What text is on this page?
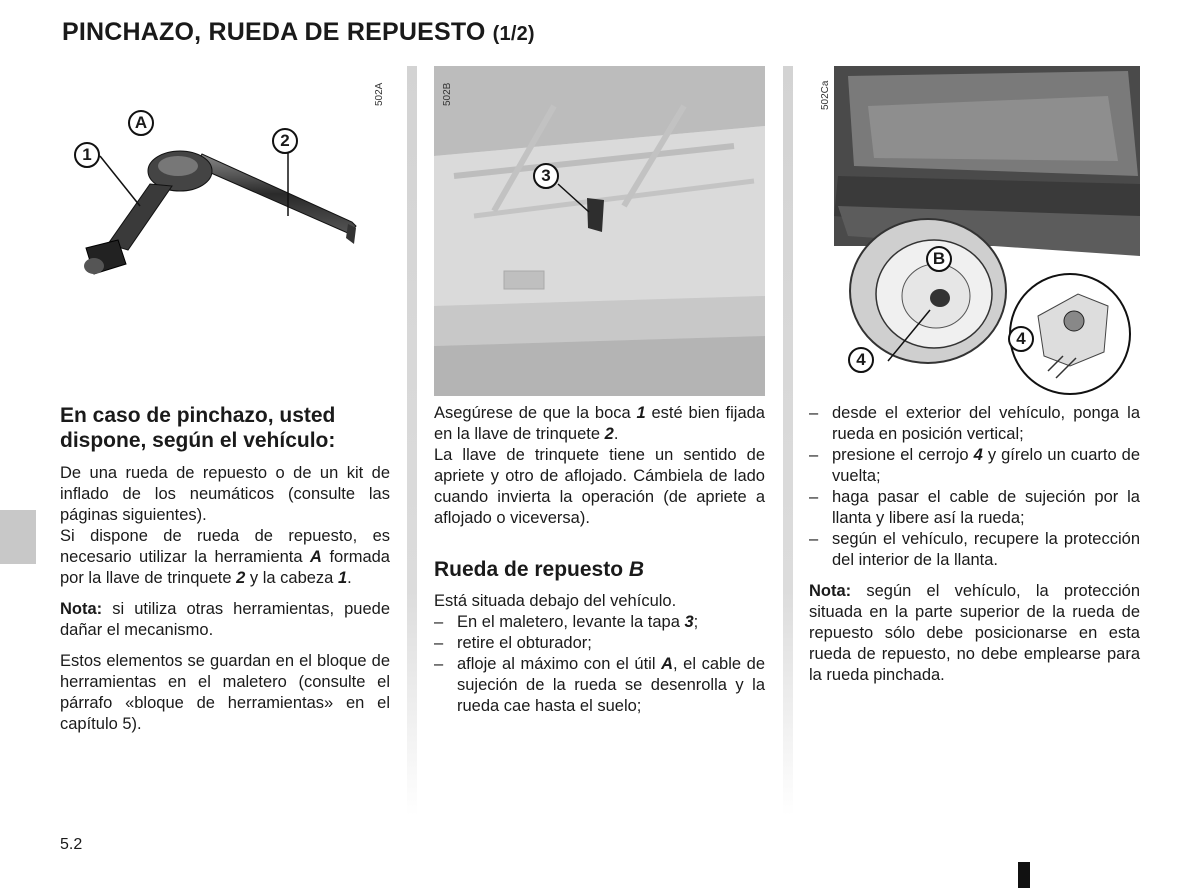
PINCHAZO, RUEDA DE REPUESTO (1/2)
502A
A
1
2
502B
3
502Ca
B
4
4
En caso de pinchazo, usted dispone, según el vehículo:

De una rueda de repuesto o de un kit de inflado de los neumáticos (consulte las páginas siguientes).
Si dispone de rueda de repuesto, es necesario utilizar la herramienta A formada por la llave de trinquete 2 y la cabeza 1.

Nota: si utiliza otras herramientas, puede dañar el mecanismo.

Estos elementos se guardan en el bloque de herramientas en el maletero (consulte el párrafo «bloque de herramientas» en el capítulo 5).

Asegúrese de que la boca 1 esté bien fijada en la llave de trinquete 2.

La llave de trinquete tiene un sentido de apriete y otro de aflojado. Cámbiela de lado cuando invierta la operación (de apriete a aflojado o viceversa).

Rueda de repuesto B

Está situada debajo del vehículo.

– En el maletero, levante la tapa 3;
– retire el obturador;
– afloje al máximo con el útil A, el cable de sujeción de la rueda se desenrolla y la rueda cae hasta el suelo;
– desde el exterior del vehículo, ponga la rueda en posición vertical;
– presione el cerrojo 4 y gírelo un cuarto de vuelta;
– haga pasar el cable de sujeción por la llanta y libere así la rueda;
– según el vehículo, recupere la protección del interior de la llanta.

Nota: según el vehículo, la protección situada en la parte superior de la rueda de repuesto sólo debe posicionarse en esta rueda de repuesto, no debe emplearse para la rueda pinchada.

5.2
